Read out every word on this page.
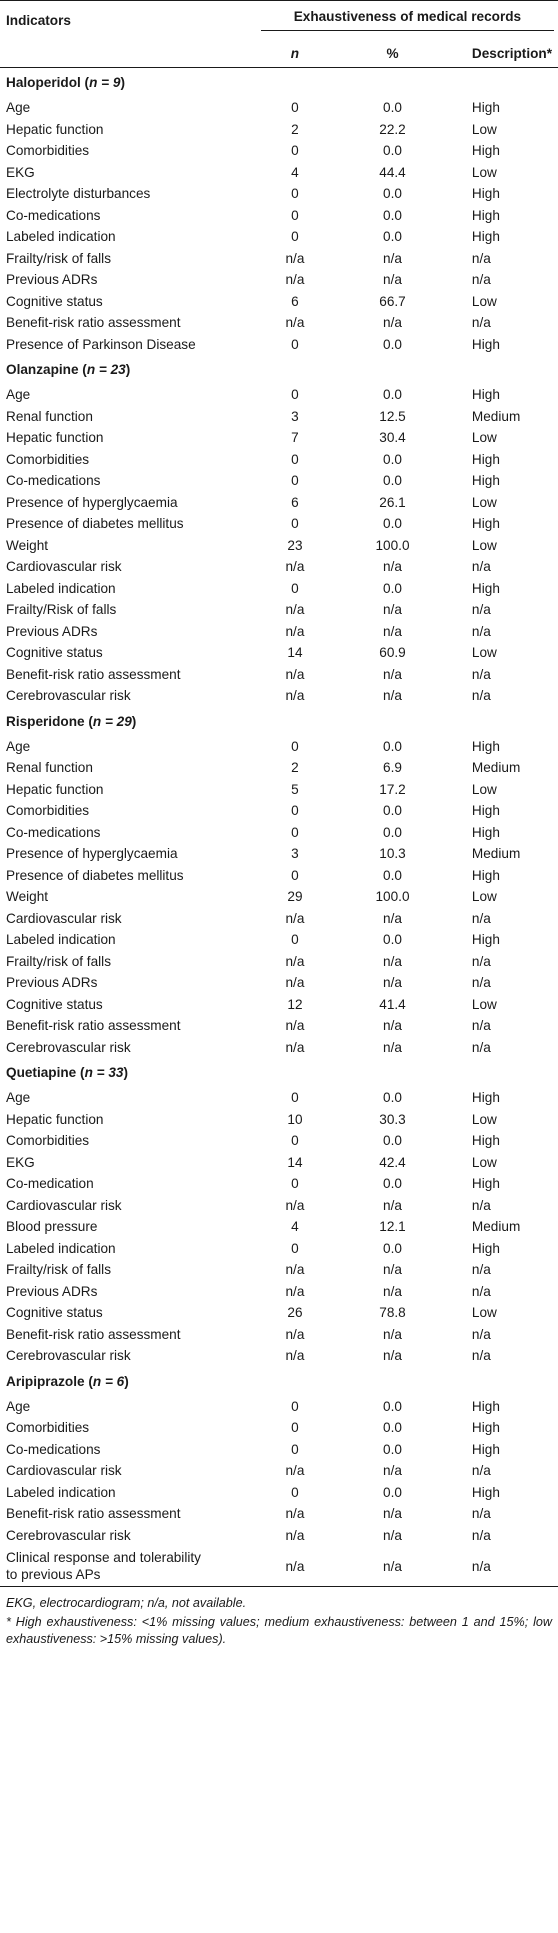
Indicators	Exhaustiveness of medical records		
	n	%	Description*
Haloperidol (n = 9)			
Age	0	0.0	High
Hepatic function	2	22.2	Low
Comorbidities	0	0.0	High
EKG	4	44.4	Low
Electrolyte disturbances	0	0.0	High
Co-medications	0	0.0	High
Labeled indication	0	0.0	High
Frailty/risk of falls	n/a	n/a	n/a
Previous ADRs	n/a	n/a	n/a
Cognitive status	6	66.7	Low
Benefit-risk ratio assessment	n/a	n/a	n/a
Presence of Parkinson Disease	0	0.0	High
Olanzapine (n = 23)			
Age	0	0.0	High
Renal function	3	12.5	Medium
Hepatic function	7	30.4	Low
Comorbidities	0	0.0	High
Co-medications	0	0.0	High
Presence of hyperglycaemia	6	26.1	Low
Presence of diabetes mellitus	0	0.0	High
Weight	23	100.0	Low
Cardiovascular risk	n/a	n/a	n/a
Labeled indication	0	0.0	High
Frailty/Risk of falls	n/a	n/a	n/a
Previous ADRs	n/a	n/a	n/a
Cognitive status	14	60.9	Low
Benefit-risk ratio assessment	n/a	n/a	n/a
Cerebrovascular risk	n/a	n/a	n/a
Risperidone (n = 29)			
Age	0	0.0	High
Renal function	2	6.9	Medium
Hepatic function	5	17.2	Low
Comorbidities	0	0.0	High
Co-medications	0	0.0	High
Presence of hyperglycaemia	3	10.3	Medium
Presence of diabetes mellitus	0	0.0	High
Weight	29	100.0	Low
Cardiovascular risk	n/a	n/a	n/a
Labeled indication	0	0.0	High
Frailty/risk of falls	n/a	n/a	n/a
Previous ADRs	n/a	n/a	n/a
Cognitive status	12	41.4	Low
Benefit-risk ratio assessment	n/a	n/a	n/a
Cerebrovascular risk	n/a	n/a	n/a
Quetiapine (n = 33)			
Age	0	0.0	High
Hepatic function	10	30.3	Low
Comorbidities	0	0.0	High
EKG	14	42.4	Low
Co-medication	0	0.0	High
Cardiovascular risk	n/a	n/a	n/a
Blood pressure	4	12.1	Medium
Labeled indication	0	0.0	High
Frailty/risk of falls	n/a	n/a	n/a
Previous ADRs	n/a	n/a	n/a
Cognitive status	26	78.8	Low
Benefit-risk ratio assessment	n/a	n/a	n/a
Cerebrovascular risk	n/a	n/a	n/a
Aripiprazole (n = 6)			
Age	0	0.0	High
Comorbidities	0	0.0	High
Co-medications	0	0.0	High
Cardiovascular risk	n/a	n/a	n/a
Labeled indication	0	0.0	High
Benefit-risk ratio assessment	n/a	n/a	n/a
Cerebrovascular risk	n/a	n/a	n/a
Clinical response and tolerability
to previous APs	n/a	n/a	n/a

EKG, electrocardiogram; n/a, not available.

* High exhaustiveness: <1% missing values; medium exhaustiveness: between 1 and 15%; low exhaustiveness: >15% missing values).
